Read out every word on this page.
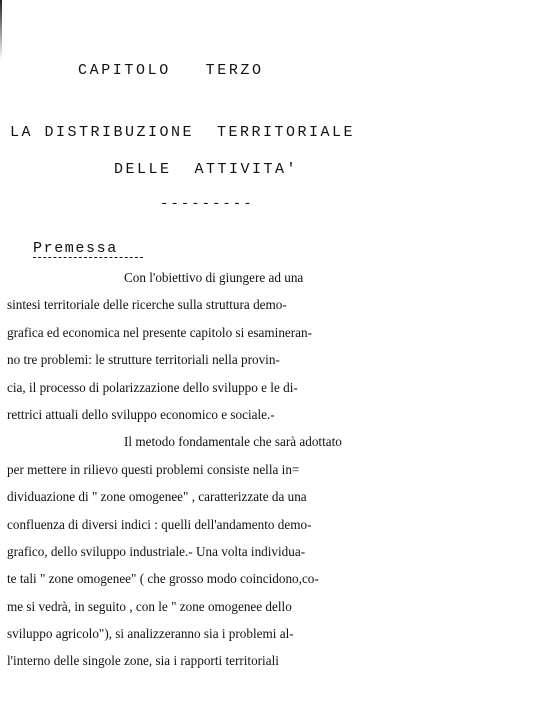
CAPITOLO   TERZO
LA DISTRIBUZIONE  TERRITORIALE
DELLE  ATTIVITA'
---------
Premessa
Con l'obiettivo di giungere ad una
sintesi territoriale delle ricerche sulla struttura demo-
grafica ed economica nel presente capitolo si esamineran-
no tre problemi: le strutture territoriali nella provin-
cia, il processo di polarizzazione dello sviluppo e le di-
rettrici attuali dello sviluppo economico e sociale.-
Il metodo fondamentale che sarà adottato
per mettere in rilievo questi problemi consiste nella in=
dividuazione di " zone omogenee" , caratterizzate da una
confluenza di diversi indici : quelli dell'andamento demo-
grafico, dello sviluppo industriale.- Una volta individua-
te tali " zone omogenee" ( che grosso modo coincidono,co-
me si vedrà, in seguito , con le " zone omogenee dello
sviluppo agricolo"), si analizzeranno sia i problemi al-
l'interno delle singole zone, sia i rapporti territoriali
